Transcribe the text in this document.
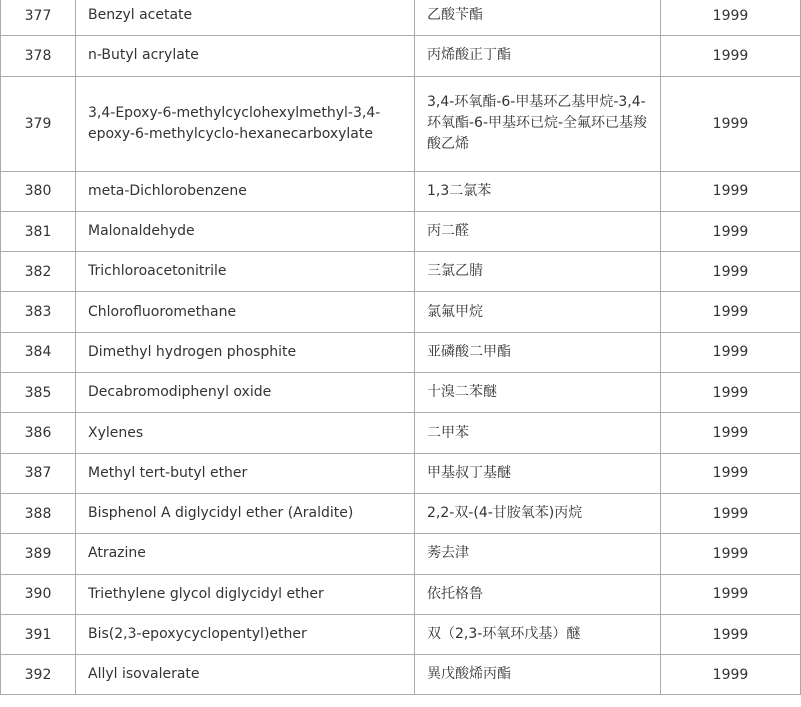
377	Benzyl acetate	乙酸苄酯	1999
378	n-Butyl acrylate	丙烯酸正丁酯	1999
379	3,4-Epoxy-6-methylcyclohexylmethyl-3,4-epoxy-6-methylcyclo-hexanecarboxylate	3,4-环氧酯-6-甲基环乙基甲烷-3,4-环氧酯-6-甲基环已烷-全氟环已基羧酸乙烯	1999
380	meta-Dichlorobenzene	1,3二氯苯	1999
381	Malonaldehyde	丙二醛	1999
382	Trichloroacetonitrile	三氯乙腈	1999
383	Chlorofluoromethane	氯氟甲烷	1999
384	Dimethyl hydrogen phosphite	亚磷酸二甲酯	1999
385	Decabromodiphenyl oxide	十溴二苯醚	1999
386	Xylenes	二甲苯	1999
387	Methyl tert-butyl ether	甲基叔丁基醚	1999
388	Bisphenol A diglycidyl ether (Araldite)	2,2-双-(4-甘胺氧苯)丙烷	1999
389	Atrazine	莠去津	1999
390	Triethylene glycol diglycidyl ether	依托格鲁	1999
391	Bis(2,3-epoxycyclopentyl)ether	双（2,3-环氧环戊基）醚	1999
392	Allyl isovalerate	異戊酸烯丙酯	1999
